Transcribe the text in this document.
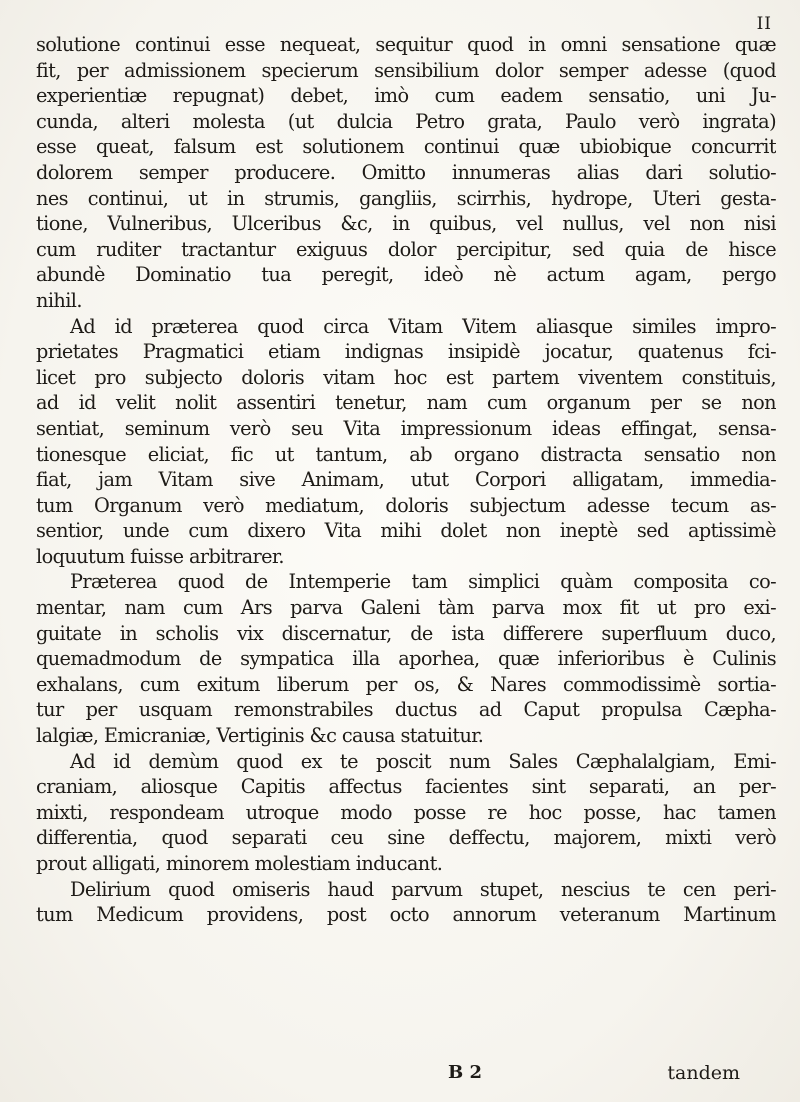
II
solutione continui esse nequeat, sequitur quod in omni sensatione quæ
fit, per admissionem specierum sensibilium dolor semper adesse (quod
experientiæ repugnat) debet, imò cum eadem sensatio, uni Ju-
cunda, alteri molesta (ut dulcia Petro grata, Paulo verò ingrata)
esse queat, falsum est solutionem continui quæ ubiobique concurrit
dolorem semper producere. Omitto innumeras alias dari solutio-
nes continui, ut in strumis, gangliis, scirrhis, hydrope, Uteri gesta-
tione, Vulneribus, Ulceribus &c, in quibus, vel nullus, vel non nisi
cum ruditer tractantur exiguus dolor percipitur, sed quia de hisce
abundè Dominatio tua peregit, ideò nè actum agam, pergo
nihil.
Ad id præterea quod circa Vitam Vitem aliasque similes impro-
prietates Pragmatici etiam indignas insipidè jocatur, quatenus fci-
licet pro subjecto doloris vitam hoc est partem viventem constituis,
ad id velit nolit assentiri tenetur, nam cum organum per se non
sentiat, seminum verò seu Vita impressionum ideas effingat, sensa-
tionesque eliciat, fic ut tantum, ab organo distracta sensatio non
fiat, jam Vitam sive Animam, utut Corpori alligatam, immedia-
tum Organum verò mediatum, doloris subjectum adesse tecum as-
sentior, unde cum dixero Vita mihi dolet non ineptè sed aptissimè
loquutum fuisse arbitrarer.
Præterea quod de Intemperie tam simplici quàm composita co-
mentar, nam cum Ars parva Galeni tàm parva mox fit ut pro exi-
guitate in scholis vix discernatur, de ista differere superfluum duco,
quemadmodum de sympatica illa aporhea, quæ inferioribus è Culinis
exhalans, cum exitum liberum per os, & Nares commodissimè sortia-
tur per usquam remonstrabiles ductus ad Caput propulsa Cæpha-
lalgiæ, Emicraniæ, Vertiginis &c causa statuitur.
Ad id demùm quod ex te poscit num Sales Cæphalalgiam, Emi-
craniam, aliosque Capitis affectus facientes sint separati, an per-
mixti, respondeam utroque modo posse re hoc posse, hac tamen
differentia, quod separati ceu sine deffectu, majorem, mixti verò
prout alligati, minorem molestiam inducant.
Delirium quod omiseris haud parvum stupet, nescius te cen peri-
tum Medicum providens, post octo annorum veteranum Martinum
B 2	tandem
